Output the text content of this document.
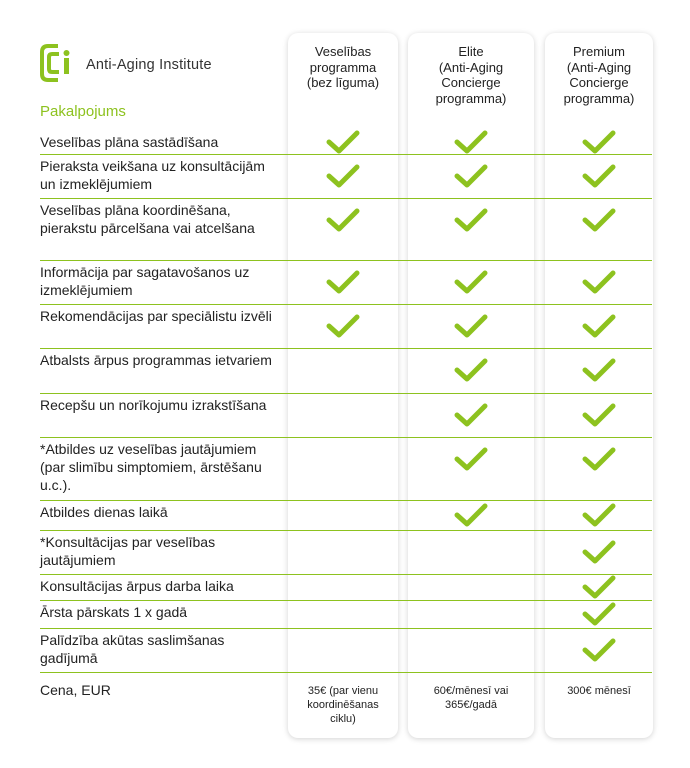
Anti-Aging Institute
Veselības
programma
(bez līguma)
Elite
(Anti-Aging
Concierge
programma)
Premium
(Anti-Aging
Concierge
programma)
Pakalpojums
Veselības plāna sastādīšana
Pieraksta veikšana uz konsultācijām un izmeklējumiem
Veselības plāna koordinēšana, pierakstu pārcelšana vai atcelšana
Informācija par sagatavošanos uz izmeklējumiem
Rekomendācijas par speciālistu izvēli
Atbalsts ārpus programmas ietvariem
Recepšu un norīkojumu izrakstīšana
*Atbildes uz veselības jautājumiem (par slimību simptomiem, ārstēšanu u.c.).
Atbildes dienas laikā
*Konsultācijas par veselības jautājumiem
Konsultācijas ārpus darba laika
Ārsta pārskats 1 x gadā
Palīdzība akūtas saslimšanas gadījumā
Cena, EUR	35€ (par vienu
koordinēšanas
ciklu)
60€/mēnesī vai
365€/gadā
300€ mēnesī
